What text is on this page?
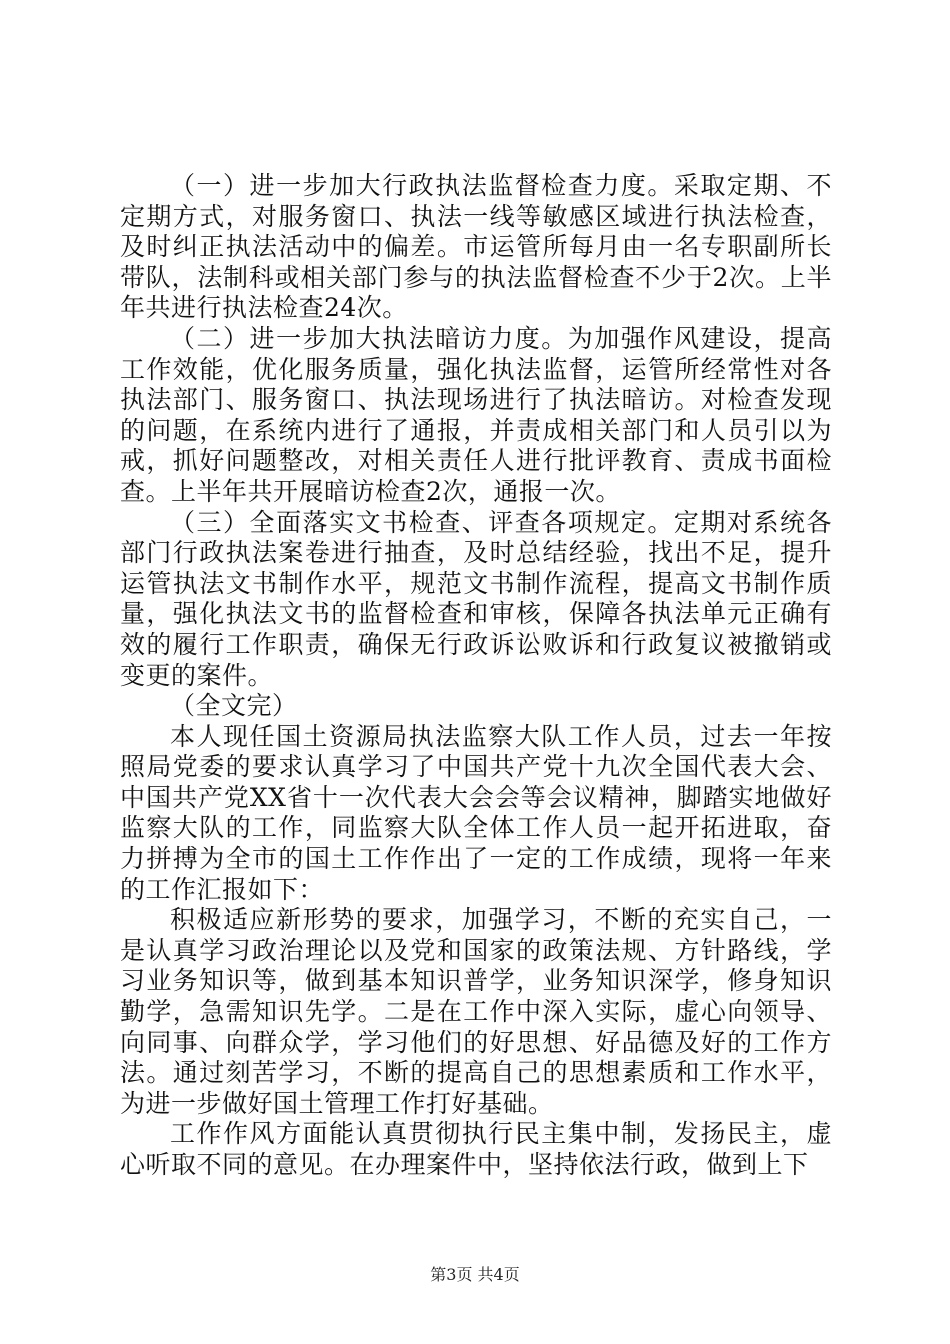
（一）进一步加大行政执法监督检查力度。采取定期、不定期方式，对服务窗口、执法一线等敏感区域进行执法检查，及时纠正执法活动中的偏差。市运管所每月由一名专职副所长带队，法制科或相关部门参与的执法监督检查不少于2次。上半年共进行执法检查24次。

（二）进一步加大执法暗访力度。为加强作风建设，提高工作效能，优化服务质量，强化执法监督，运管所经常性对各执法部门、服务窗口、执法现场进行了执法暗访。对检查发现的问题，在系统内进行了通报，并责成相关部门和人员引以为戒，抓好问题整改，对相关责任人进行批评教育、责成书面检查。上半年共开展暗访检查2次，通报一次。

（三）全面落实文书检查、评查各项规定。定期对系统各部门行政执法案卷进行抽查，及时总结经验，找出不足，提升运管执法文书制作水平，规范文书制作流程，提高文书制作质量，强化执法文书的监督检查和审核，保障各执法单元正确有效的履行工作职责，确保无行政诉讼败诉和行政复议被撤销或变更的案件。

（全文完）

本人现任国土资源局执法监察大队工作人员，过去一年按照局党委的要求认真学习了中国共产党十九次全国代表大会、中国共产党XX省十一次代表大会会等会议精神，脚踏实地做好监察大队的工作，同监察大队全体工作人员一起开拓进取，奋力拼搏为全市的国土工作作出了一定的工作成绩，现将一年来的工作汇报如下：

积极适应新形势的要求，加强学习，不断的充实自己，一是认真学习政治理论以及党和国家的政策法规、方针路线，学习业务知识等，做到基本知识普学，业务知识深学，修身知识勤学，急需知识先学。二是在工作中深入实际，虚心向领导、向同事、向群众学，学习他们的好思想、好品德及好的工作方法。通过刻苦学习，不断的提高自己的思想素质和工作水平，为进一步做好国土管理工作打好基础。

工作作风方面能认真贯彻执行民主集中制，发扬民主，虚心听取不同的意见。在办理案件中，坚持依法行政，做到上下

第3页 共4页
